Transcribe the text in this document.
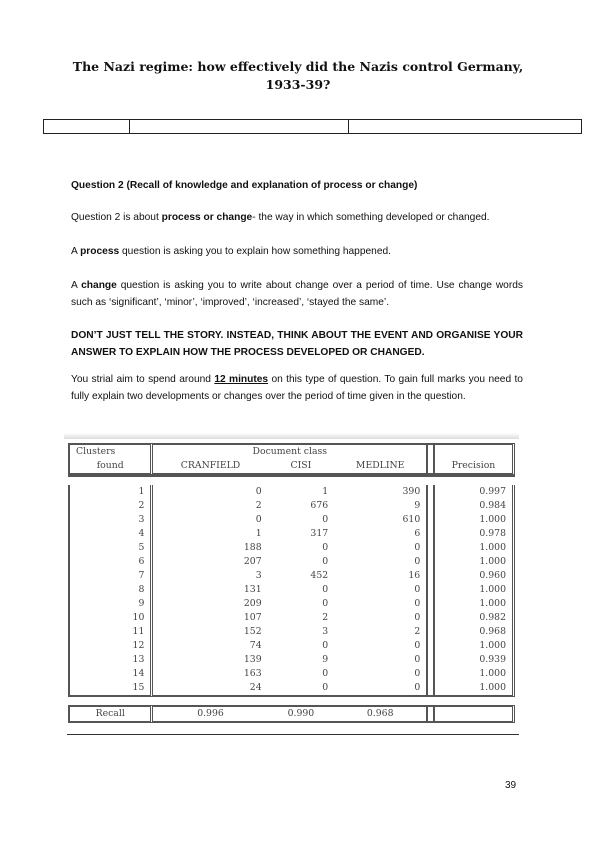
The Nazi regime: how effectively did the Nazis control Germany, 1933-39?

Question 2 (Recall of knowledge and explanation of process or change)

Question 2 is about process or change- the way in which something developed or changed.

A process question is asking you to explain how something happened.

A change question is asking you to write about change over a period of time. Use change words such as ‘significant’, ‘minor’, ‘improved’, ‘increased’, ‘stayed the same’.

DON’T JUST TELL THE STORY. INSTEAD, THINK ABOUT THE EVENT AND ORGANISE YOUR ANSWER TO EXPLAIN HOW THE PROCESS DEVELOPED OR CHANGED.

You strial aim to spend around 12 minutes on this type of question. To gain full marks you need to fully explain two developments or changes over the period of time given in the question.

Clusters	Document class				
found	CRANFIELD	CISI	MEDLINE		Precision

1	0	1	390		0.997
2	2	676	9		0.984
3	0	0	610		1.000
4	1	317	6		0.978
5	188	0	0		1.000
6	207	0	0		1.000
7	3	452	16		0.960
8	131	0	0		1.000
9	209	0	0		1.000
10	107	2	0		0.982
11	152	3	2		0.968
12	74	0	0		1.000
13	139	9	0		0.939
14	163	0	0		1.000
15	24	0	0		1.000

Recall	0.996	0.990	0.968		
39
